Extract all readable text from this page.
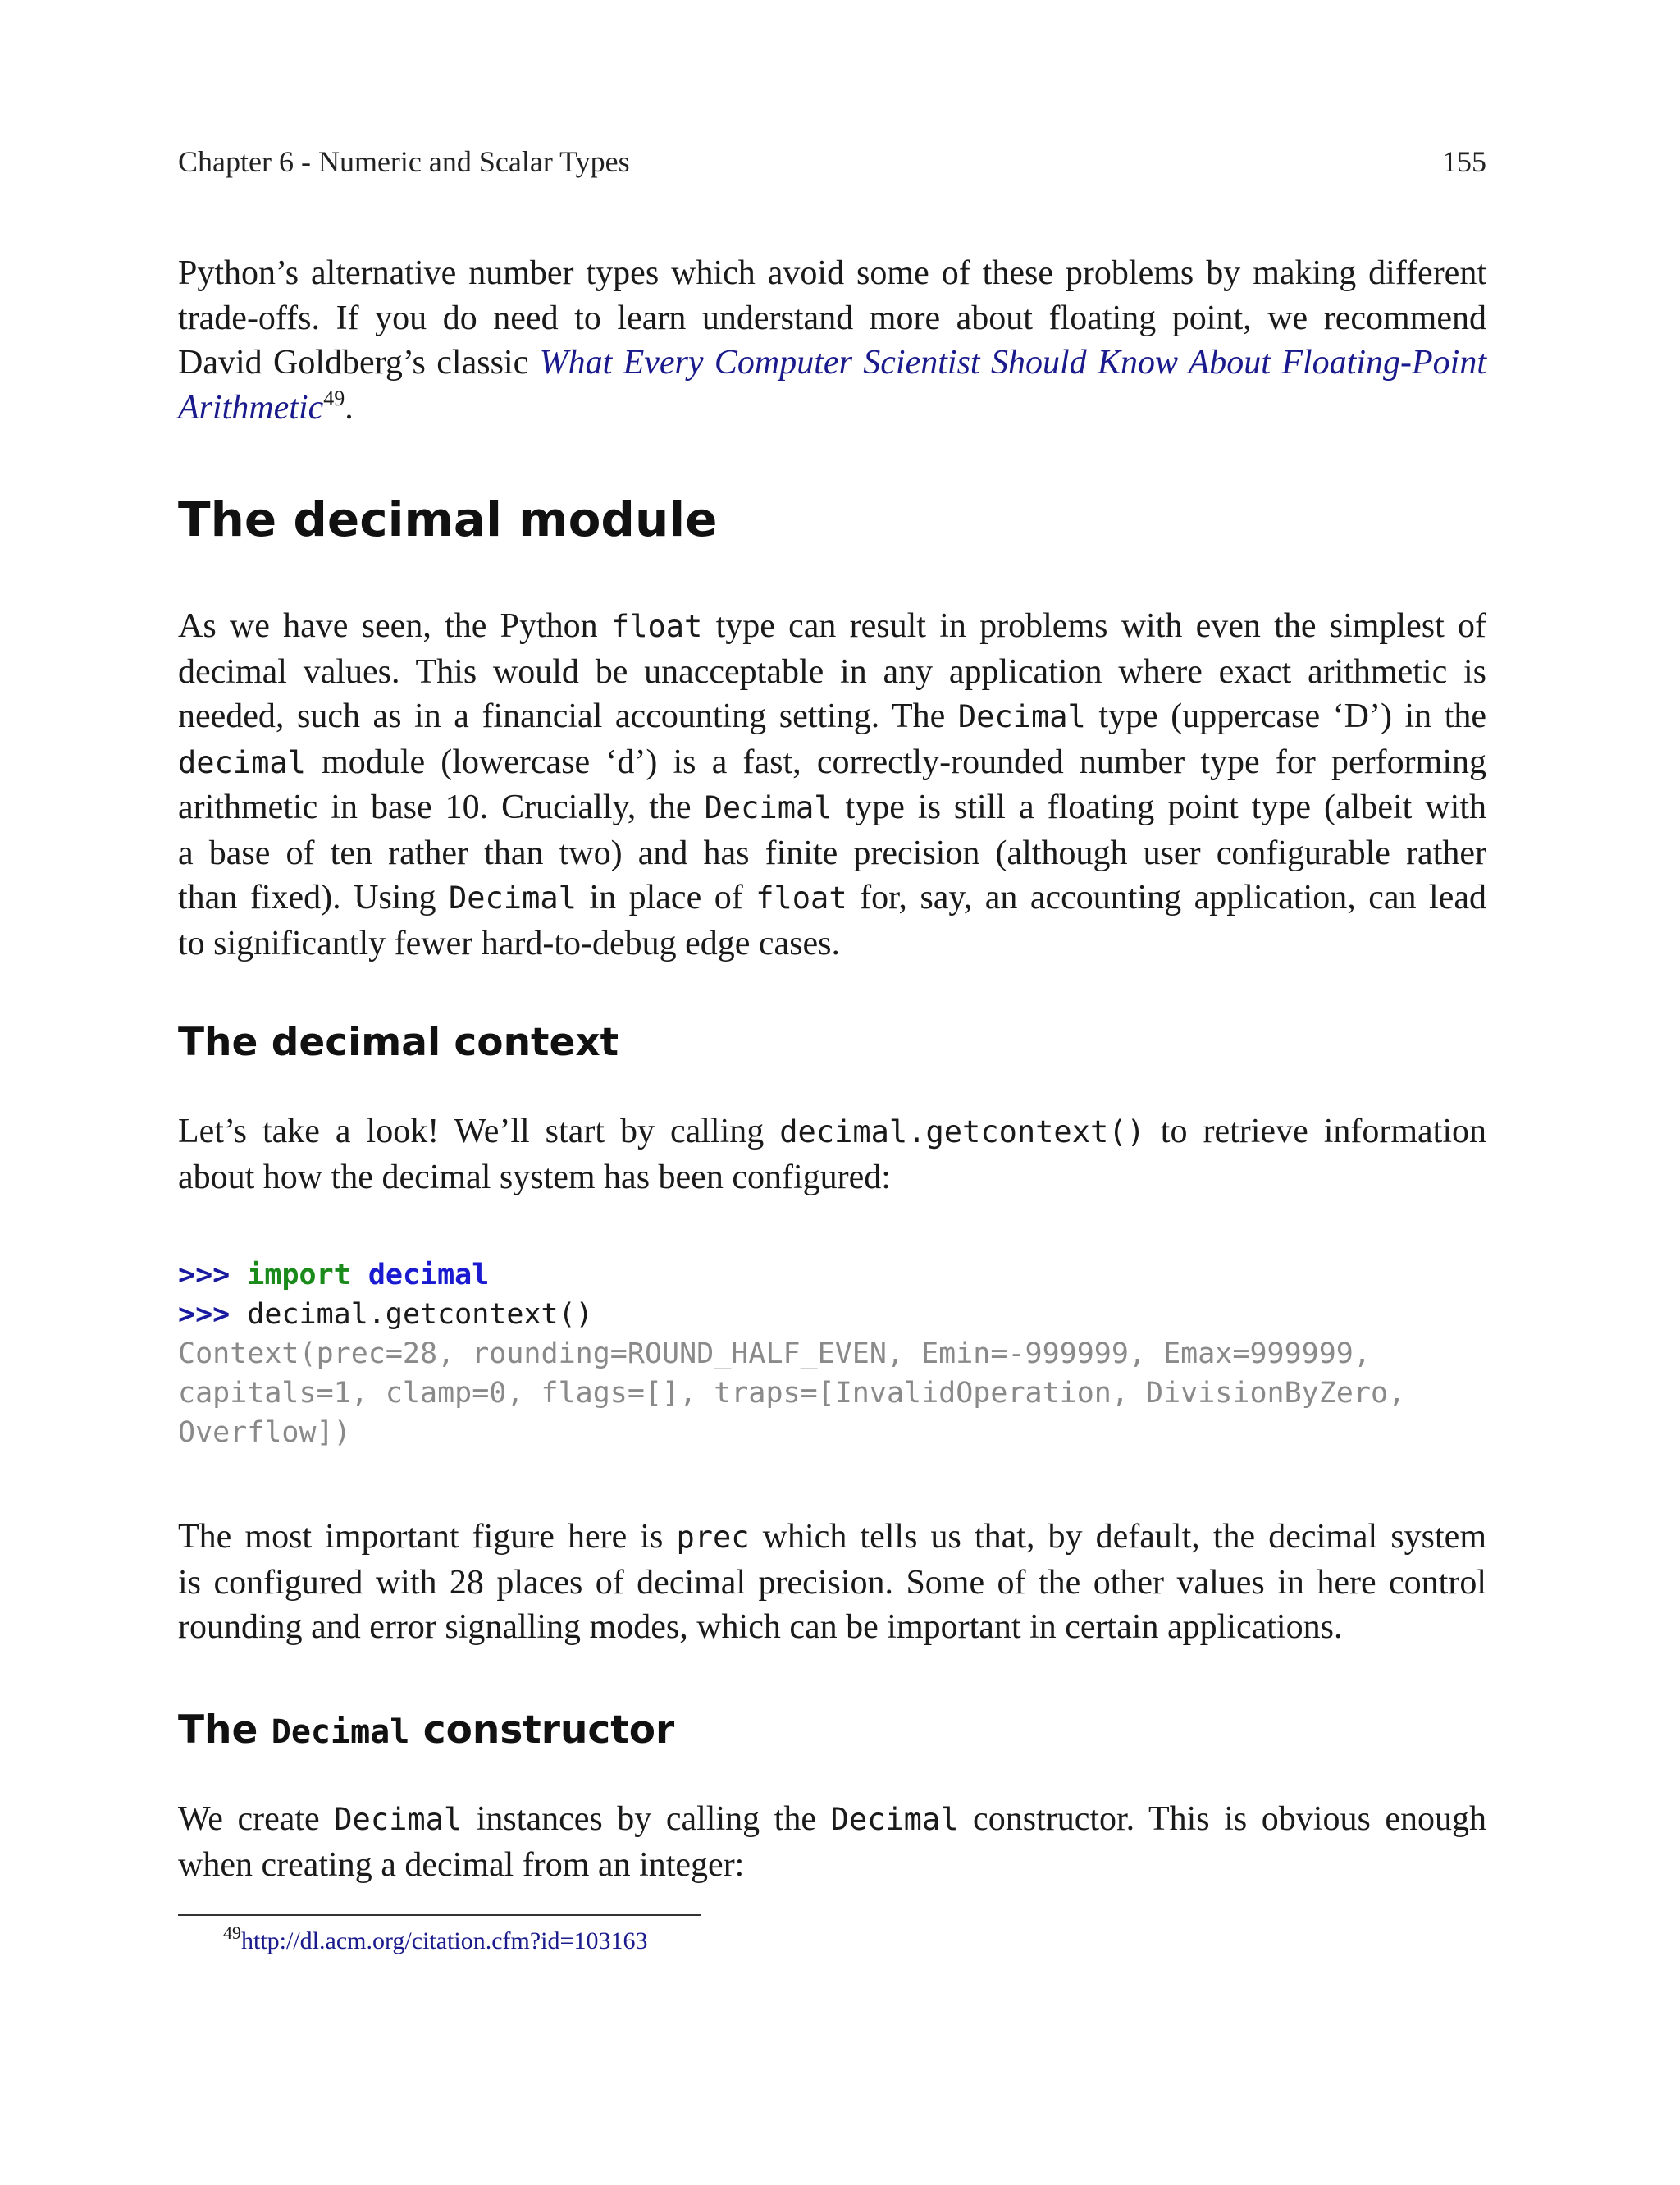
Chapter 6 - Numeric and Scalar Types	155

Python’s alternative number types which avoid some of these problems by making different
trade-offs. If you do need to learn understand more about floating point, we recommend
David Goldberg’s classic What Every Computer Scientist Should Know About Floating-Point
Arithmetic$^{49}$.

The decimal module

As we have seen, the Python float type can result in problems with even the simplest of
decimal values. This would be unacceptable in any application where exact arithmetic is
needed, such as in a financial accounting setting. The Decimal type (uppercase ‘D’) in the
decimal module (lowercase ‘d’) is a fast, correctly-rounded number type for performing
arithmetic in base 10. Crucially, the Decimal type is still a floating point type (albeit with
a base of ten rather than two) and has finite precision (although user configurable rather
than fixed). Using Decimal in place of float for, say, an accounting application, can lead
to significantly fewer hard-to-debug edge cases.

The decimal context

Let’s take a look! We’ll start by calling decimal.getcontext() to retrieve information
about how the decimal system has been configured:

>>> import decimal
>>> decimal.getcontext()
Context(prec=28, rounding=ROUND_HALF_EVEN, Emin=-999999, Emax=999999,
capitals=1, clamp=0, flags=[], traps=[InvalidOperation, DivisionByZero,
Overflow])

The most important figure here is prec which tells us that, by default, the decimal system
is configured with 28 places of decimal precision. Some of the other values in here control
rounding and error signalling modes, which can be important in certain applications.

The Decimal constructor

We create Decimal instances by calling the Decimal constructor. This is obvious enough
when creating a decimal from an integer:

$^{49}$http://dl.acm.org/citation.cfm?id=103163
